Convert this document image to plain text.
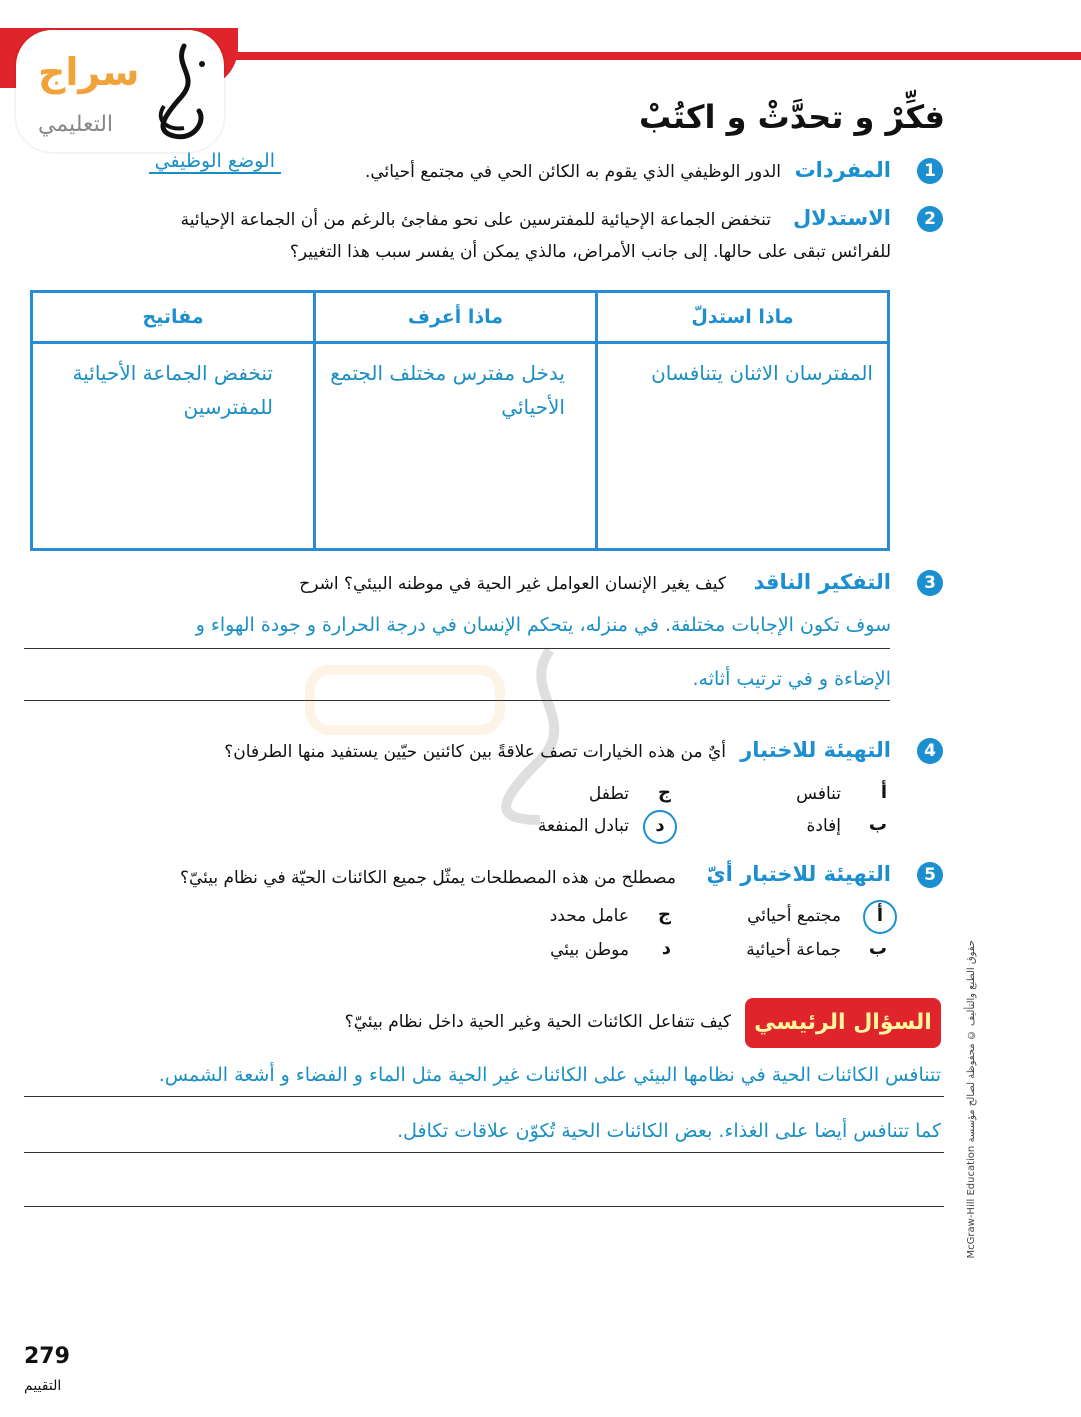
سراج
التعليمي	فكِّرْ و تحدَّثْ و اكتُبْ
1
المفردات
الدور الوظيفي الذي يقوم به الكائن الحي في مجتمع أحيائي.
الوضع الوظيفي
2
الاستدلال
تنخفض الجماعة الإحيائية للمفترسين على نحو مفاجئ بالرغم من أن الجماعة الإحيائية
للفرائس تبقى على حالها. إلى جانب الأمراض، مالذي يمكن أن يفسر سبب هذا التغيير؟
ماذا استدلّ	ماذا أعرف	مفاتيح
المفترسان الاثنان يتنافسان	يدخل مفترس مختلف الجتمع الأحيائي	تنخفض الجماعة الأحيائية للمفترسين
3
التفكير الناقد
كيف يغير الإنسان العوامل غير الحية في موطنه البيئي؟ اشرح
سوف تكون الإجابات مختلفة. في منزله، يتحكم الإنسان في درجة الحرارة و جودة الهواء و
الإضاءة و في ترتيب أثاثه.
4
التهيئة للاختبار
أيٌ من هذه الخيارات تصف علاقةً بين كائنين حيّين يستفيد منها الطرفان؟
أ
تنافس
ج
تطفل
ب
إفادة
د
تبادل المنفعة
5
التهيئة للاختبار أيّ
مصطلح من هذه المصطلحات يمثّل جميع الكائنات الحيّة في نظام بيئيّ؟
أ
مجتمع أحيائي
ج
عامل محدد
ب
جماعة أحيائية
د
موطن بيئي
السؤال الرئيسي
كيف تتفاعل الكائنات الحية وغير الحية داخل نظام بيئيّ؟
تتنافس الكائنات الحية في نظامها البيئي على الكائنات غير الحية مثل الماء و الفضاء و أشعة الشمس.
كما تتنافس أيضا على الغذاء. بعض الكائنات الحية تُكوّن علاقات تكافل.
حقوق الطبع والتأليف © محفوظة لصالح مؤسسة McGraw-Hill Education
279
التقييم
